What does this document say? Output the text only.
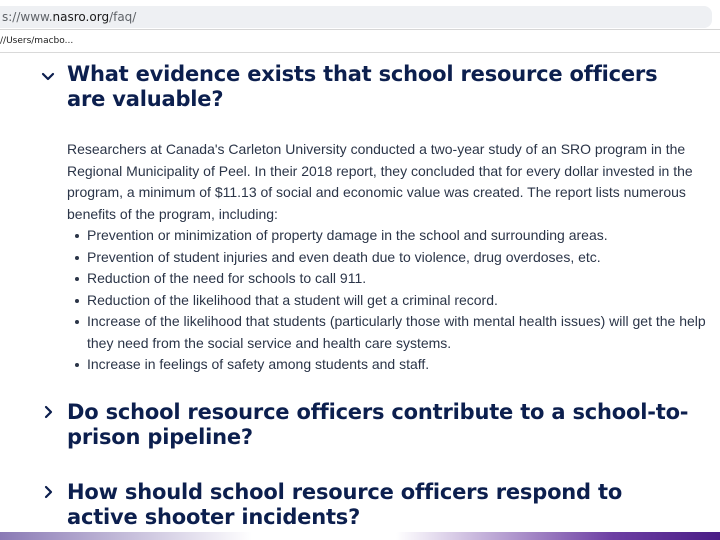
s://www.nasro.org/faq/
//Users/macbo...
What evidence exists that school resource officers are valuable?

Researchers at Canada's Carleton University conducted a two-year study of an SRO program in the Regional Municipality of Peel. In their 2018 report, they concluded that for every dollar invested in the program, a minimum of $11.13 of social and economic value was created. The report lists numerous benefits of the program, including:

Prevention or minimization of property damage in the school and surrounding areas.
Prevention of student injuries and even death due to violence, drug overdoses, etc.
Reduction of the need for schools to call 911.
Reduction of the likelihood that a student will get a criminal record.
Increase of the likelihood that students (particularly those with mental health issues) will get the help they need from the social service and health care systems.
Increase in feelings of safety among students and staff.
Do school resource officers contribute to a school-to-prison pipeline?
How should school resource officers respond to active shooter incidents?
